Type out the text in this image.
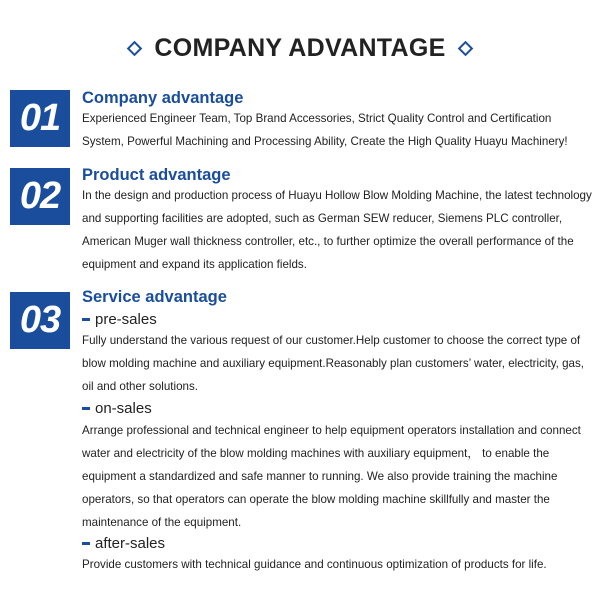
COMPANY ADVANTAGE
01	Company advantage
Experienced Engineer Team, Top Brand Accessories, Strict Quality Control and Certification System, Powerful Machining and Processing Ability, Create the High Quality Huayu Machinery!
02	Product advantage
In the design and production process of Huayu Hollow Blow Molding Machine, the latest technology and supporting facilities are adopted, such as German SEW reducer, Siemens PLC controller, American Muger wall thickness controller, etc., to further optimize the overall performance of the equipment and expand its application fields.
03
Service advantage
pre-sales
Fully understand the various request of our customer.Help customer to choose the correct type of blow molding machine and auxiliary equipment.Reasonably plan customers’ water, electricity, gas, oil and other solutions.
on-sales
Arrange professional and technical engineer to help equipment operators installation and connect water and electricity of the blow molding machines with auxiliary equipment， to enable the equipment a standardized and safe manner to running. We also provide training the machine operators, so that operators can operate the blow molding machine skillfully and master the maintenance of the equipment.
after-sales
Provide customers with technical guidance and continuous optimization of products for life.
